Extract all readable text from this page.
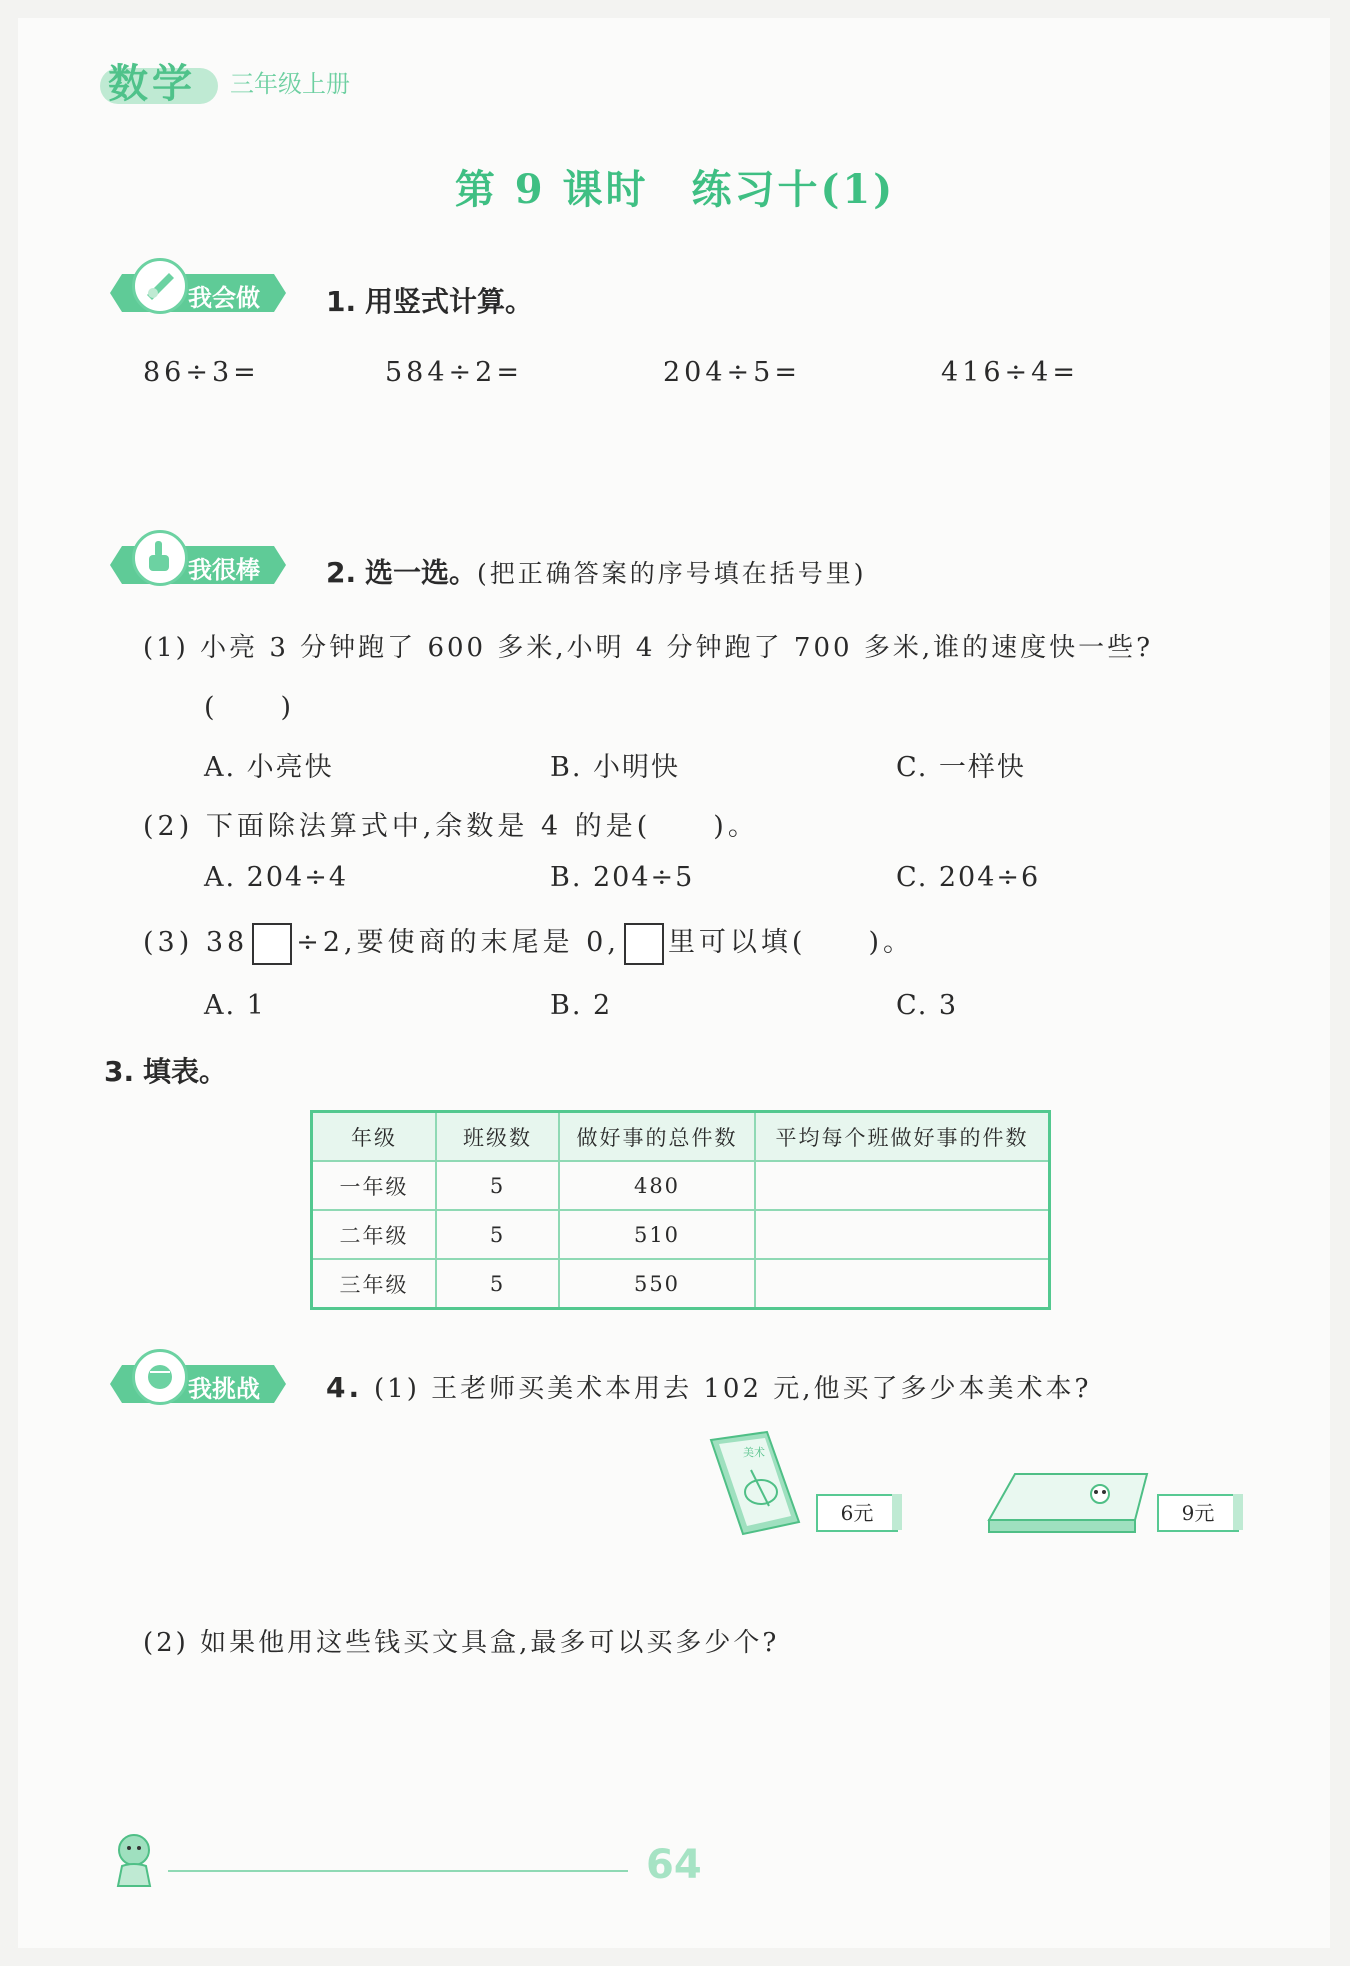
数学 三年级上册
第 9 课时　练习十(1)
我会做 1. 用竖式计算。
86÷3=	584÷2=	204÷5=	416÷4=
我很棒 2. 选一选。(把正确答案的序号填在括号里)
(1) 小亮 3 分钟跑了 600 多米,小明 4 分钟跑了 700 多米,谁的速度快一些?
(　　)
A. 小亮快	B. 小明快	C. 一样快
(2) 下面除法算式中,余数是 4 的是(　　)。
A. 204÷4	B. 204÷5	C. 204÷6
(3) 38 ÷2,要使商的末尾是 0, 里可以填(　　)。
A. 1	B. 2	C. 3
3. 填表。
年级	班级数	做好事的总件数	平均每个班做好事的件数
一年级	5	480	
二年级	5	510	
三年级	5	550	
我挑战 4. (1) 王老师买美术本用去 102 元,他买了多少本美术本?
美术
6元	9元
(2) 如果他用这些钱买文具盒,最多可以买多少个?
64
